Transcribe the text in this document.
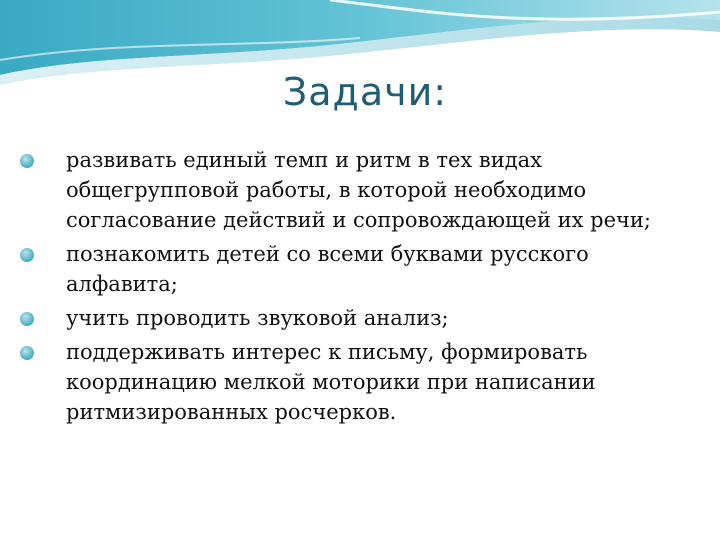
Задачи:
развивать единый темп и ритм в тех видах общегрупповой работы, в которой необходимо согласование действий и сопровождающей их речи;
познакомить детей со всеми буквами русского алфавита;
учить проводить звуковой анализ;
поддерживать интерес к письму, формировать координацию мелкой моторики при написании ритмизированных росчерков.
